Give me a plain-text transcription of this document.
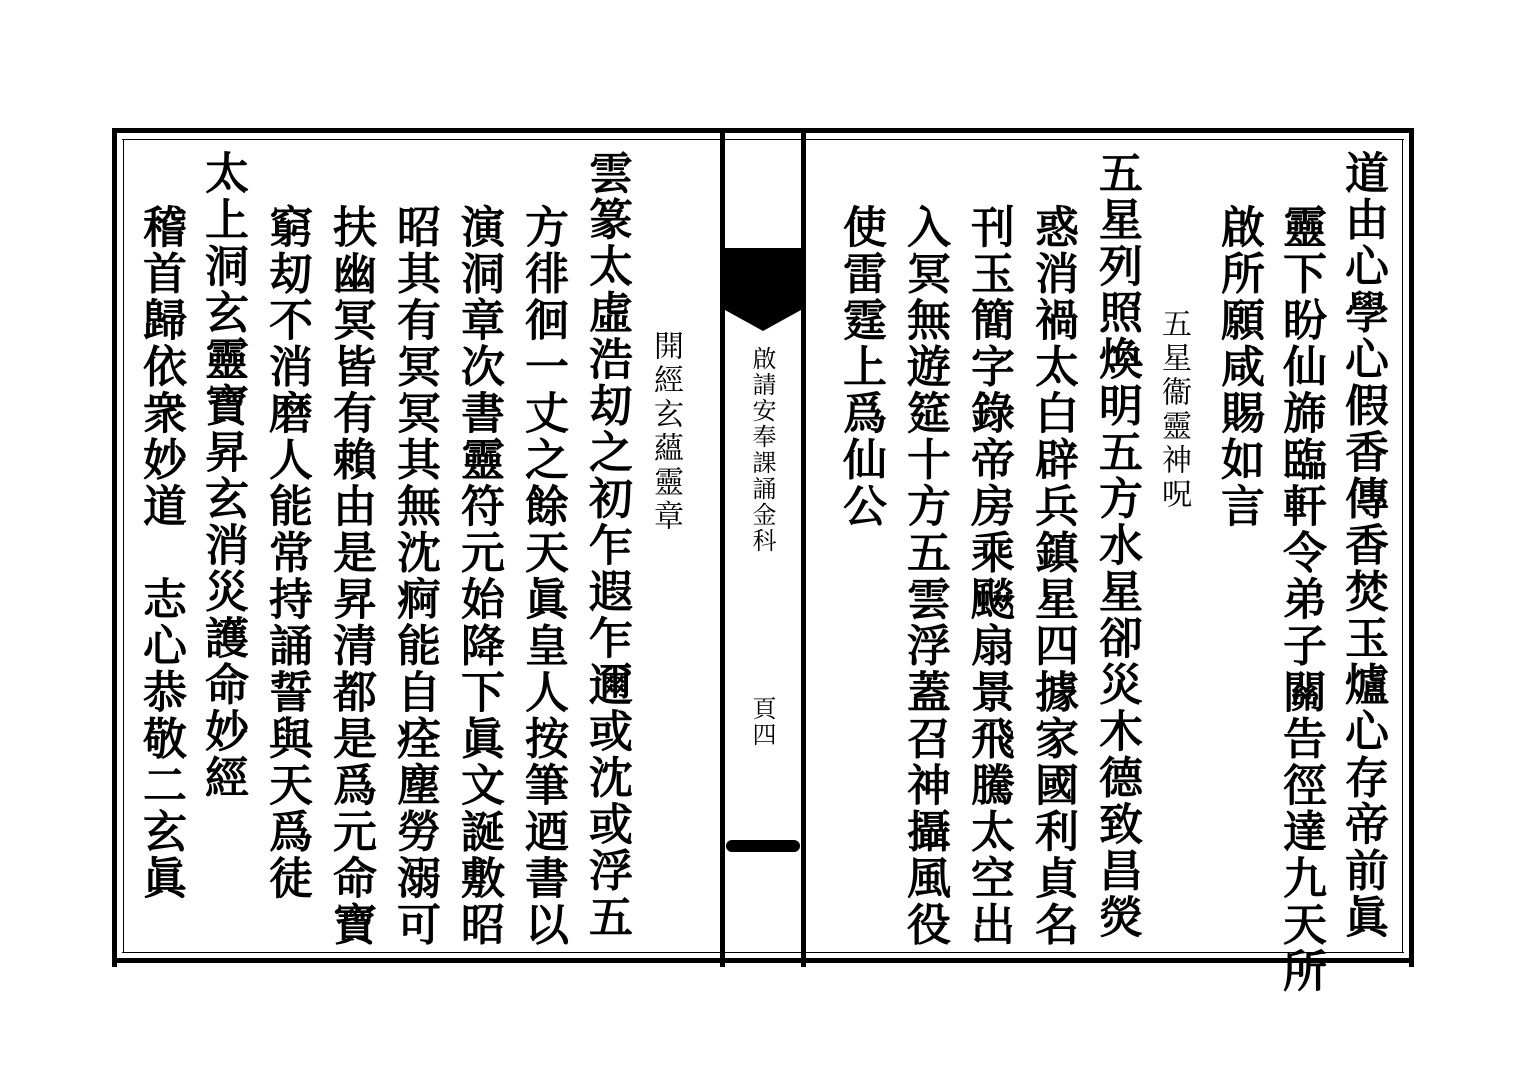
啟請安奉課誦金科
頁四	道由心學心假香傳香焚玉爐心存帝前眞
靈下盼仙旆臨軒令弟子關告徑達九天所
啟所願咸賜如言
五星衞靈神呪
五星列照煥明五方水星卻災木德致昌熒
惑消禍太白辟兵鎮星四據家國利貞名
刊玉簡字錄帝房乘飈扇景飛騰太空出
入冥無遊筵十方五雲浮蓋召神攝風役
使雷霆上爲仙公
開經玄蘊靈章
雲篆太虛浩刧之初乍遐乍邇或沈或浮五
方徘徊一丈之餘天眞皇人按筆迺書以
演洞章次書靈符元始降下眞文誕敷昭
昭其有冥冥其無沈痾能自痊塵勞溺可
扶幽冥皆有賴由是昇清都是爲元命寶
窮刧不消磨人能常持誦誓與天爲徒
太上洞玄靈寶昇玄消災護命妙經
稽首歸依衆妙道　志心恭敬二玄眞
